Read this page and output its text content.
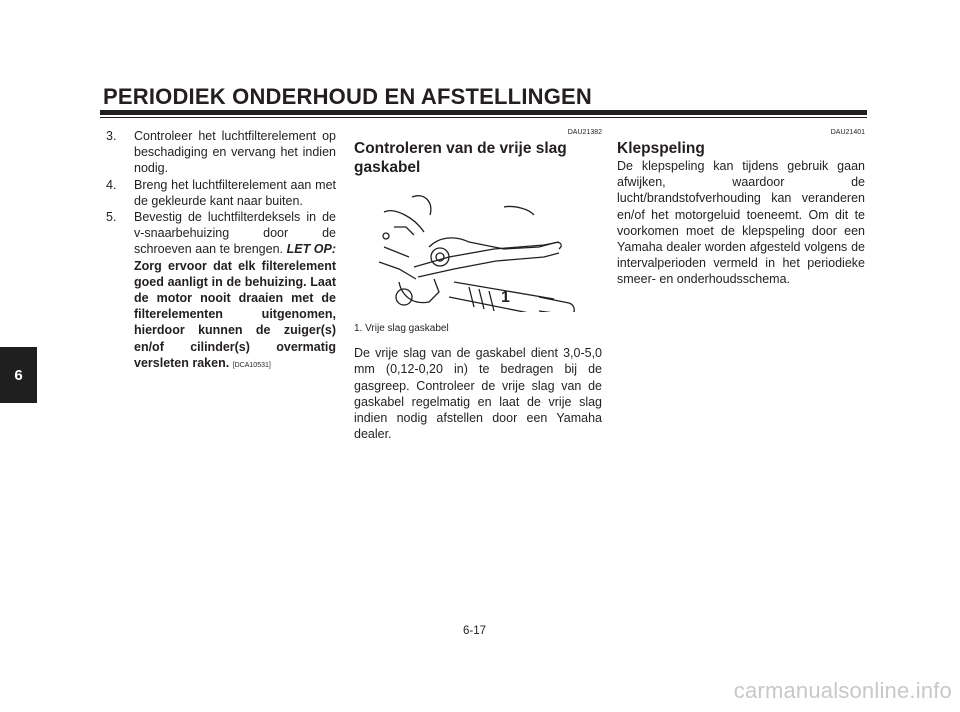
PERIODIEK ONDERHOUD EN AFSTELLINGEN
6
3. Controleer het luchtfilterelement op beschadiging en vervang het indien nodig.
4. Breng het luchtfilterelement aan met de gekleurde kant naar buiten.
5. Bevestig de luchtfilterdeksels in de v-snaarbehuizing door de schroeven aan te brengen. LET OP: Zorg ervoor dat elk filterelement goed aanligt in de behuizing. Laat de motor nooit draaien met de filterelementen uitgenomen, hierdoor kunnen de zuiger(s) en/of cilinder(s) overmatig versleten raken. [DCA10531]
DAU21382
Controleren van de vrije slag gaskabel
1
1. Vrije slag gaskabel

De vrije slag van de gaskabel dient 3,0-5,0 mm (0,12-0,20 in) te bedragen bij de gasgreep. Controleer de vrije slag van de gaskabel regelmatig en laat de vrije slag indien nodig afstellen door een Yamaha dealer.

DAU21401
Klepspeling

De klepspeling kan tijdens gebruik gaan afwijken, waardoor de lucht/brandstofverhouding kan veranderen en/of het motorgeluid toeneemt. Om dit te voorkomen moet de klepspeling door een Yamaha dealer worden afgesteld volgens de intervalperioden vermeld in het periodieke smeer- en onderhoudsschema.

6-17
carmanualsonline.info
